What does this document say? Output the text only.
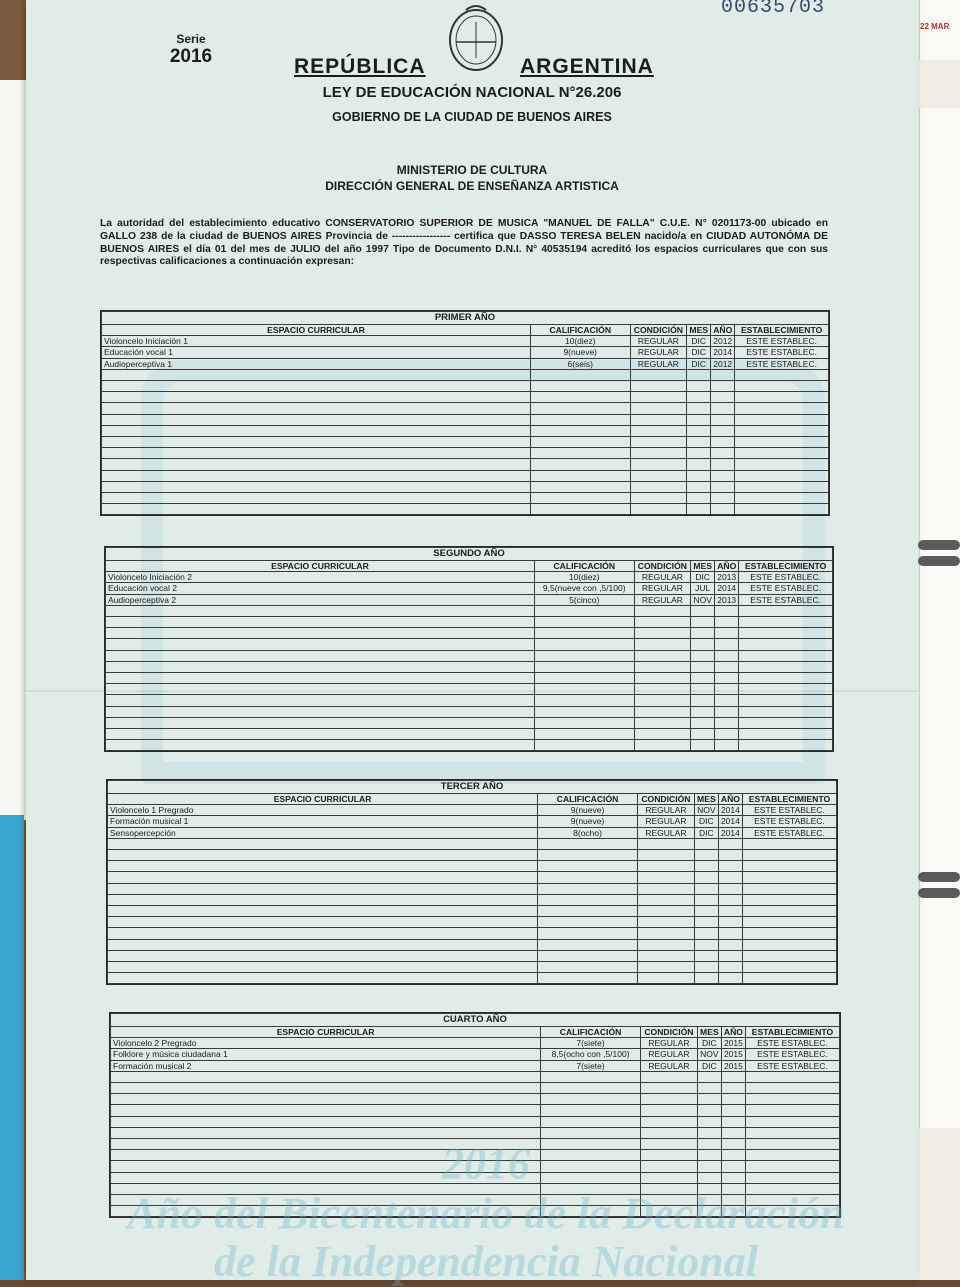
22 MAR
Serie
2016
00635703
REPÚBLICA	ARGENTINA
LEY DE EDUCACIÓN NACIONAL N°26.206
GOBIERNO DE LA CIUDAD DE BUENOS AIRES
MINISTERIO DE CULTURA
DIRECCIÓN GENERAL DE ENSEÑANZA ARTISTICA
La autoridad del establecimiento educativo CONSERVATORIO SUPERIOR DE MUSICA "MANUEL DE FALLA" C.U.E. N° 0201173-00 ubicado en GALLO 238 de la ciudad de BUENOS AIRES Provincia de ----------------- certifica que DASSO TERESA BELEN nacido/a en CIUDAD AUTONÓMA DE BUENOS AIRES el día 01 del mes de JULIO del año 1997 Tipo de Documento D.N.I. N° 40535194 acreditó los espacios curriculares que con sus respectivas calificaciones a continuación expresan:
PRIMER AÑO					
ESPACIO CURRICULAR	CALIFICACIÓN	CONDICIÓN	MES	AÑO	ESTABLECIMIENTO
Violoncelo Iniciación 1	10(diez)	REGULAR	DIC	2012	ESTE ESTABLEC.
Educación vocal 1	9(nueve)	REGULAR	DIC	2014	ESTE ESTABLEC.
Audioperceptiva 1	6(seis)	REGULAR	DIC	2012	ESTE ESTABLEC.

SEGUNDO AÑO					
ESPACIO CURRICULAR	CALIFICACIÓN	CONDICIÓN	MES	AÑO	ESTABLECIMIENTO
Violoncelo Iniciación 2	10(diez)	REGULAR	DIC	2013	ESTE ESTABLEC.
Educación vocal 2	9,5(nueve con ,5/100)	REGULAR	JUL	2014	ESTE ESTABLEC.
Audioperceptiva 2	5(cinco)	REGULAR	NOV	2013	ESTE ESTABLEC.

TERCER AÑO					
ESPACIO CURRICULAR	CALIFICACIÓN	CONDICIÓN	MES	AÑO	ESTABLECIMIENTO
Violoncelo 1 Pregrado	9(nueve)	REGULAR	NOV	2014	ESTE ESTABLEC.
Formación musical 1	9(nueve)	REGULAR	DIC	2014	ESTE ESTABLEC.
Sensopercepción	8(ocho)	REGULAR	DIC	2014	ESTE ESTABLEC.

CUARTO AÑO					
ESPACIO CURRICULAR	CALIFICACIÓN	CONDICIÓN	MES	AÑO	ESTABLECIMIENTO
Violoncelo 2 Pregrado	7(siete)	REGULAR	DIC	2015	ESTE ESTABLEC.
Folklore y música ciudadana 1	8,5(ocho con ,5/100)	REGULAR	NOV	2015	ESTE ESTABLEC.
Formación musical 2	7(siete)	REGULAR	DIC	2015	ESTE ESTABLEC.

2016
Año del Bicentenario de la Declaración
de la Independencia Nacional
